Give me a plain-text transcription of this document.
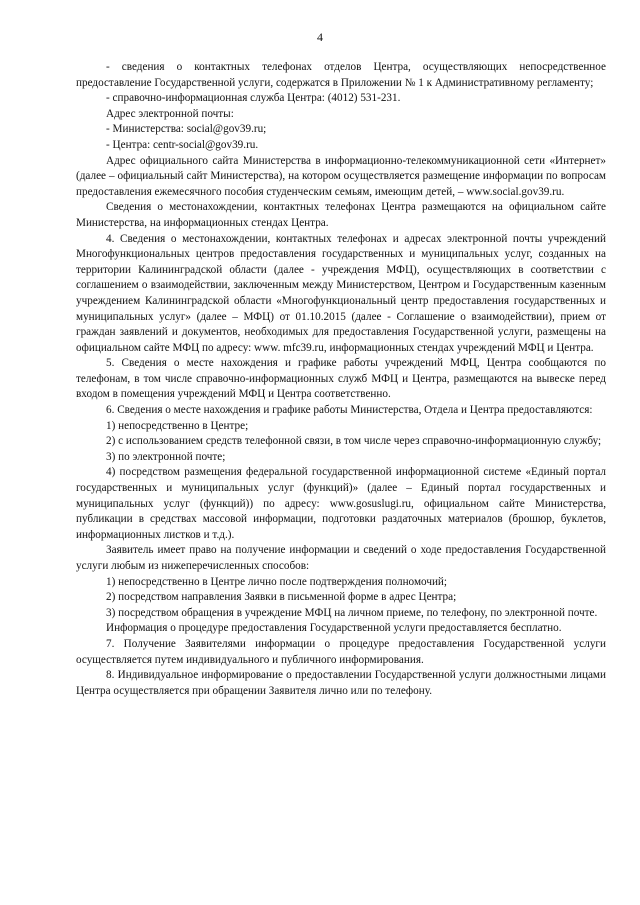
4

- сведения о контактных телефонах отделов Центра, осуществляющих непосредственное предоставление Государственной услуги, содержатся в Приложении № 1 к Административному регламенту;

- справочно-информационная служба Центра: (4012) 531-231.

Адрес электронной почты:

- Министерства: social@gov39.ru;

- Центра: centr-social@gov39.ru.

Адрес официального сайта Министерства в информационно-телекоммуникационной сети «Интернет» (далее – официальный сайт Министерства), на котором осуществляется размещение информации по вопросам предоставления ежемесячного пособия студенческим семьям, имеющим детей, – www.social.gov39.ru.

Сведения о местонахождении, контактных телефонах Центра размещаются на официальном сайте Министерства, на информационных стендах Центра.

4. Сведения о местонахождении, контактных телефонах и адресах электронной почты учреждений Многофункциональных центров предоставления государственных и муниципальных услуг, созданных на территории Калининградской области (далее - учреждения МФЦ), осуществляющих в соответствии с соглашением о взаимодействии, заключенным между Министерством, Центром и Государственным казенным учреждением Калининградской области «Многофункциональный центр предоставления государственных и муниципальных услуг» (далее – МФЦ) от 01.10.2015 (далее - Соглашение о взаимодействии), прием от граждан заявлений и документов, необходимых для предоставления Государственной услуги, размещены на официальном сайте МФЦ по адресу: www. mfc39.ru, информационных стендах учреждений МФЦ и Центра.

5. Сведения о месте нахождения и графике работы учреждений МФЦ, Центра сообщаются по телефонам, в том числе справочно-информационных служб МФЦ и Центра, размещаются на вывеске перед входом в помещения учреждений МФЦ и Центра соответственно.

6. Сведения о месте нахождения и графике работы Министерства, Отдела и Центра предоставляются:

1) непосредственно в Центре;

2) с использованием средств телефонной связи, в том числе через справочно-информационную службу;

3) по электронной почте;

4) посредством размещения федеральной государственной информационной системе «Единый портал государственных и муниципальных услуг (функций)» (далее – Единый портал государственных и муниципальных услуг (функций)) по адресу: www.gosuslugi.ru, официальном сайте Министерства, публикации в средствах массовой информации, подготовки раздаточных материалов (брошюр, буклетов, информационных листков и т.д.).

Заявитель имеет право на получение информации и сведений о ходе предоставления Государственной услуги любым из нижеперечисленных способов:

1) непосредственно в Центре лично после подтверждения полномочий;

2) посредством направления Заявки в письменной форме в адрес Центра;

3) посредством обращения в учреждение МФЦ на личном приеме, по телефону, по электронной почте.

Информация о процедуре предоставления Государственной услуги предоставляется бесплатно.

7. Получение Заявителями информации о процедуре предоставления Государственной услуги осуществляется путем индивидуального и публичного информирования.

8. Индивидуальное информирование о предоставлении Государственной услуги должностными лицами Центра осуществляется при обращении Заявителя лично или по телефону.
